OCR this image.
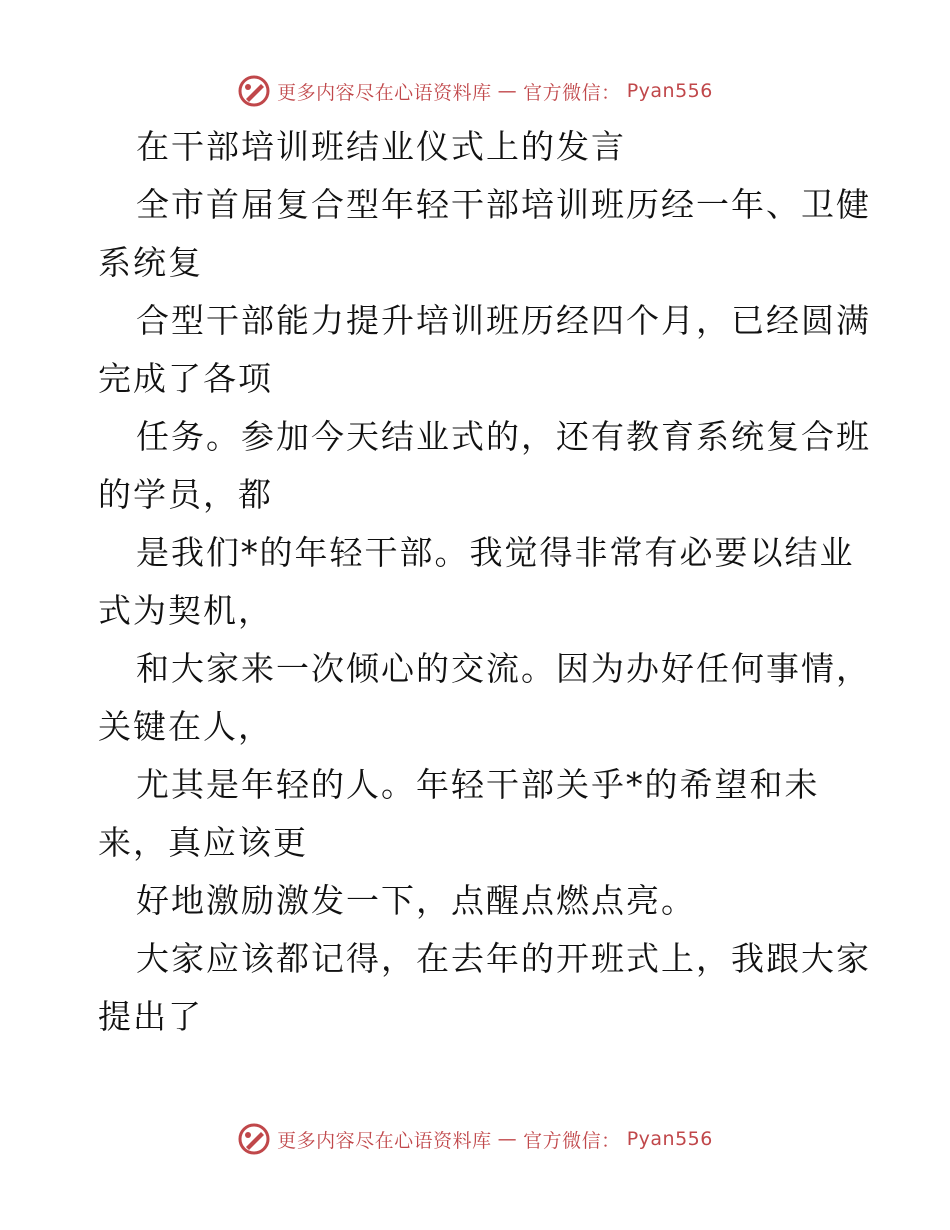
更多内容尽在心语资料库 — 官方微信： Pyan556
在干部培训班结业仪式上的发言

全市首届复合型年轻干部培训班历经一年、卫健
系统复

合型干部能力提升培训班历经四个月，已经圆满
完成了各项

任务。参加今天结业式的，还有教育系统复合班
的学员，都

是我们*的年轻干部。我觉得非常有必要以结业
式为契机，

和大家来一次倾心的交流。因为办好任何事情，
关键在人，

尤其是年轻的人。年轻干部关乎*的希望和未
来，真应该更

好地激励激发一下，点醒点燃点亮。

大家应该都记得，在去年的开班式上，我跟大家
提出了

更多内容尽在心语资料库 — 官方微信： Pyan556
